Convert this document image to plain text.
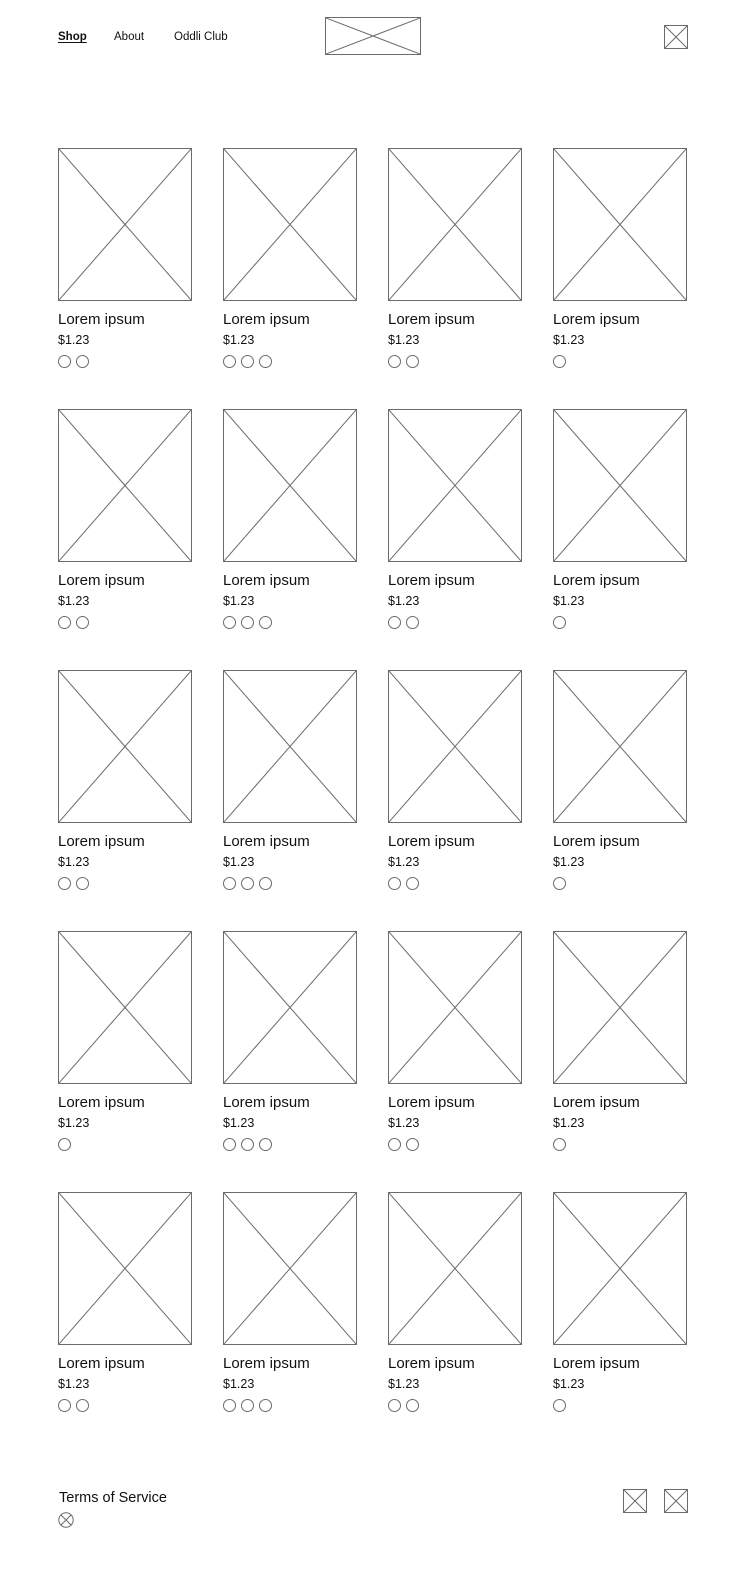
Shop About	Oddli Club
Lorem ipsum
$1.23
Lorem ipsum
$1.23
Lorem ipsum
$1.23
Lorem ipsum
$1.23
Lorem ipsum
$1.23
Lorem ipsum
$1.23
Lorem ipsum
$1.23
Lorem ipsum
$1.23
Lorem ipsum
$1.23
Lorem ipsum
$1.23
Lorem ipsum
$1.23
Lorem ipsum
$1.23
Lorem ipsum
$1.23
Lorem ipsum
$1.23
Lorem ipsum
$1.23
Lorem ipsum
$1.23
Lorem ipsum
$1.23
Lorem ipsum
$1.23
Lorem ipsum
$1.23
Lorem ipsum
$1.23
Terms of Service
